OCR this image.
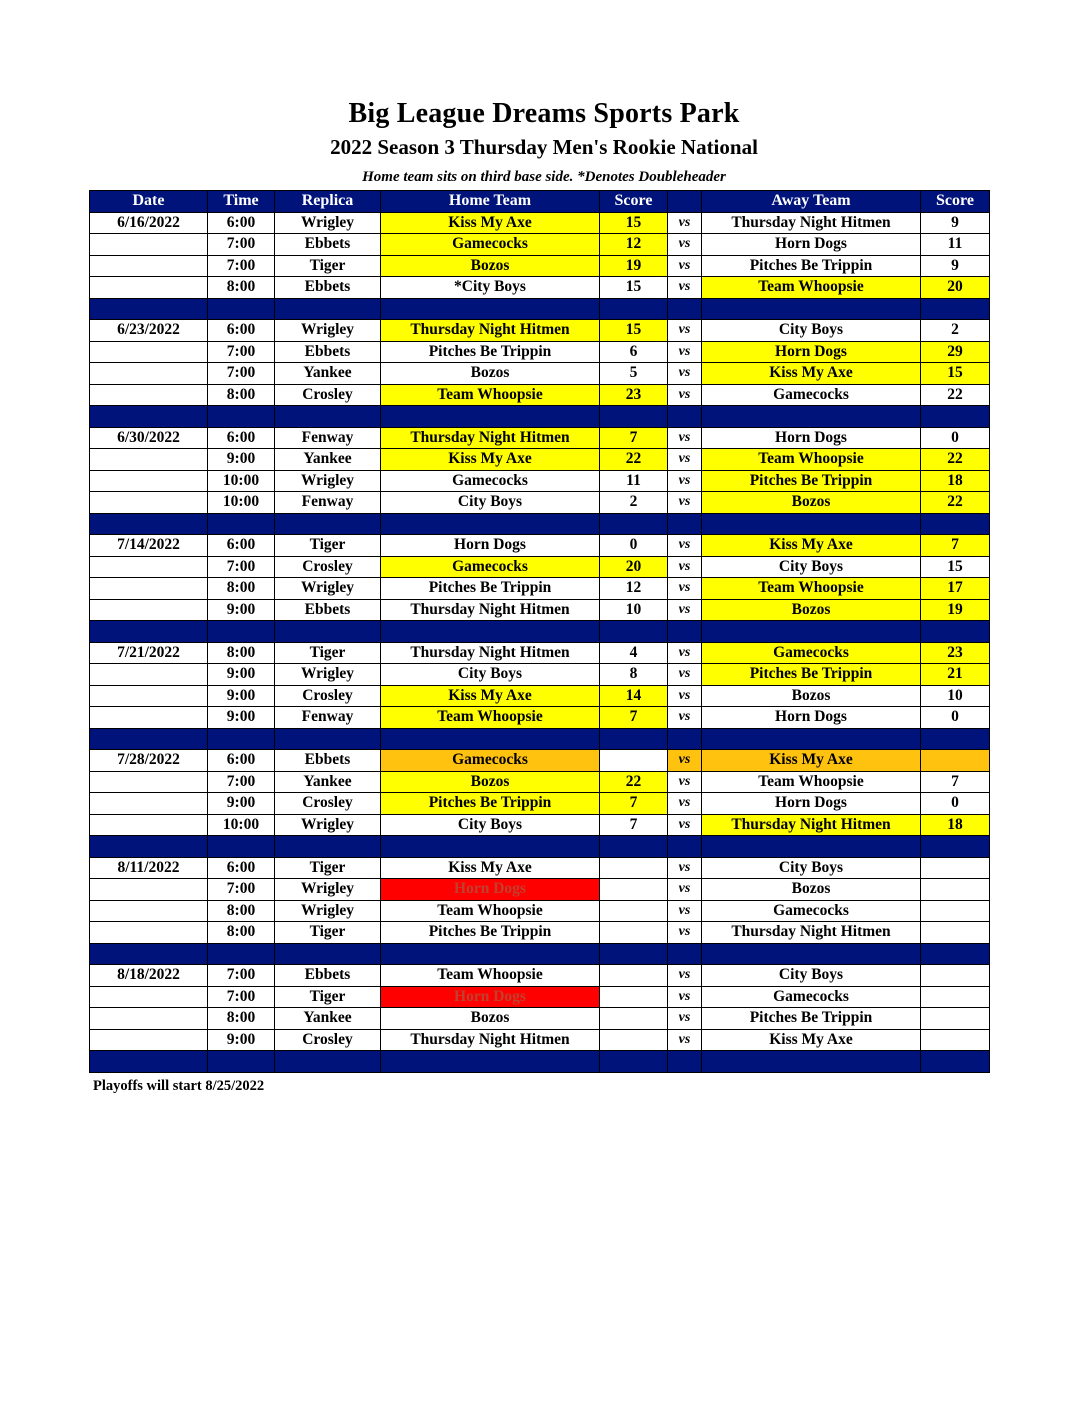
Big League Dreams Sports Park
2022 Season 3 Thursday Men's Rookie National
Home team sits on third base side. *Denotes Doubleheader
Date	Time	Replica	Home Team	Score		Away Team	Score
6/16/2022	6:00	Wrigley	Kiss My Axe	15	vs	Thursday Night Hitmen	9
	7:00	Ebbets	Gamecocks	12	vs	Horn Dogs	11
	7:00	Tiger	Bozos	19	vs	Pitches Be Trippin	9
	8:00	Ebbets	*City Boys	15	vs	Team Whoopsie	20

6/23/2022	6:00	Wrigley	Thursday Night Hitmen	15	vs	City Boys	2
	7:00	Ebbets	Pitches Be Trippin	6	vs	Horn Dogs	29
	7:00	Yankee	Bozos	5	vs	Kiss My Axe	15
	8:00	Crosley	Team Whoopsie	23	vs	Gamecocks	22

6/30/2022	6:00	Fenway	Thursday Night Hitmen	7	vs	Horn Dogs	0
	9:00	Yankee	Kiss My Axe	22	vs	Team Whoopsie	22
	10:00	Wrigley	Gamecocks	11	vs	Pitches Be Trippin	18
	10:00	Fenway	City Boys	2	vs	Bozos	22

7/14/2022	6:00	Tiger	Horn Dogs	0	vs	Kiss My Axe	7
	7:00	Crosley	Gamecocks	20	vs	City Boys	15
	8:00	Wrigley	Pitches Be Trippin	12	vs	Team Whoopsie	17
	9:00	Ebbets	Thursday Night Hitmen	10	vs	Bozos	19

7/21/2022	8:00	Tiger	Thursday Night Hitmen	4	vs	Gamecocks	23
	9:00	Wrigley	City Boys	8	vs	Pitches Be Trippin	21
	9:00	Crosley	Kiss My Axe	14	vs	Bozos	10
	9:00	Fenway	Team Whoopsie	7	vs	Horn Dogs	0

7/28/2022	6:00	Ebbets	Gamecocks		vs	Kiss My Axe	
	7:00	Yankee	Bozos	22	vs	Team Whoopsie	7
	9:00	Crosley	Pitches Be Trippin	7	vs	Horn Dogs	0
	10:00	Wrigley	City Boys	7	vs	Thursday Night Hitmen	18

8/11/2022	6:00	Tiger	Kiss My Axe		vs	City Boys	
	7:00	Wrigley	Horn Dogs		vs	Bozos	
	8:00	Wrigley	Team Whoopsie		vs	Gamecocks	
	8:00	Tiger	Pitches Be Trippin		vs	Thursday Night Hitmen	

8/18/2022	7:00	Ebbets	Team Whoopsie		vs	City Boys	
	7:00	Tiger	Horn Dogs		vs	Gamecocks	
	8:00	Yankee	Bozos		vs	Pitches Be Trippin	
	9:00	Crosley	Thursday Night Hitmen		vs	Kiss My Axe	

Playoffs will start 8/25/2022
